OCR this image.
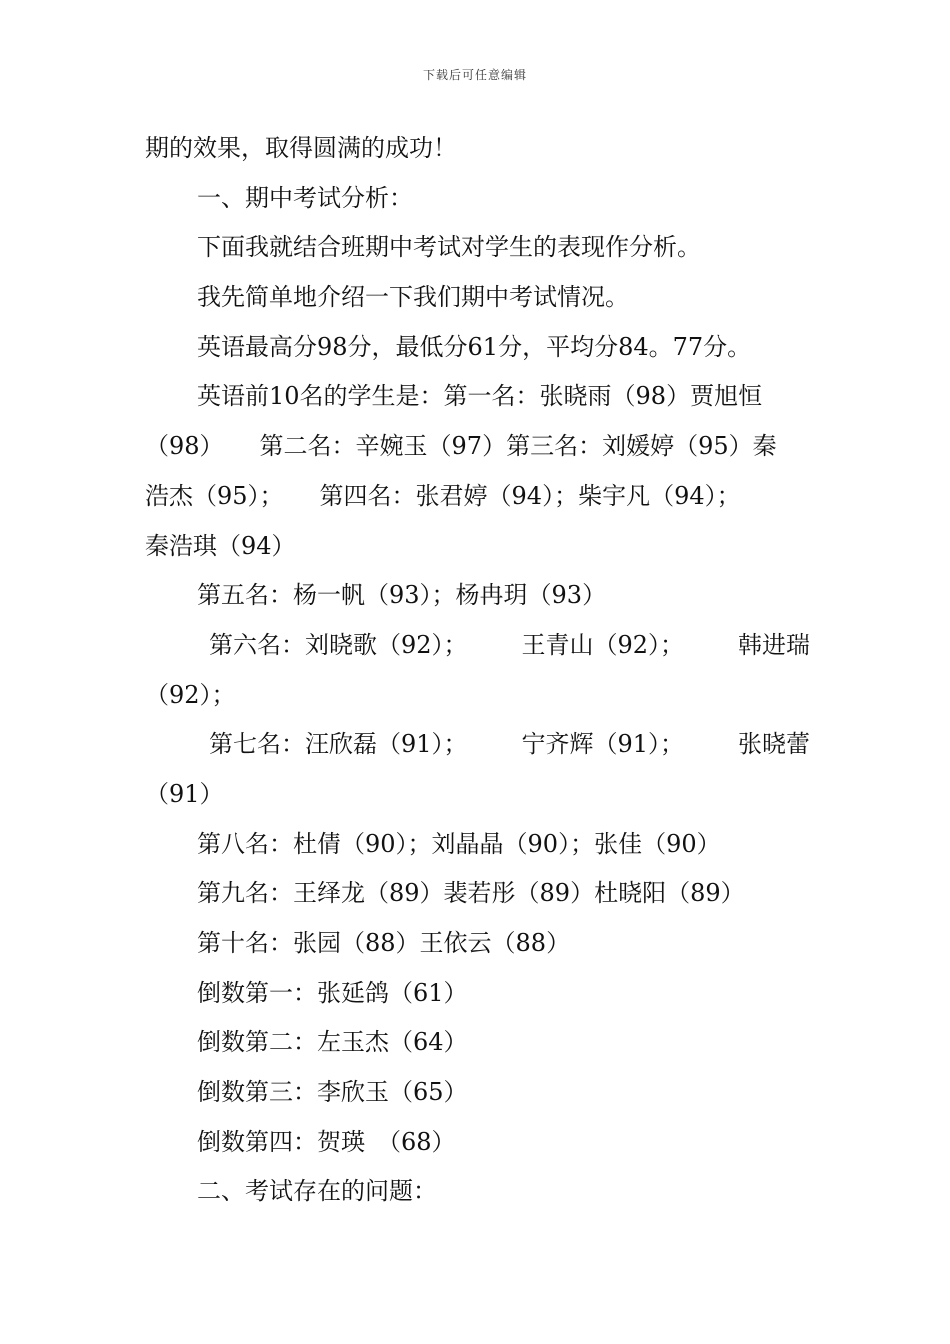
下载后可任意编辑
期的效果，取得圆满的成功！
一、期中考试分析：
下面我就结合班期中考试对学生的表现作分析。
我先简单地介绍一下我们期中考试情况。
英语最高分98分，最低分61分，平均分84。77分。
英语前10名的学生是：第一名：张晓雨（98）贾旭恒
（98）　　第二名：辛婉玉（97）第三名：刘媛婷（95）秦
浩杰（95）；　　第四名：张君婷（94）；柴宇凡（94）；
秦浩琪（94）
第五名：杨一帆（93）；杨冉玥（93）
第六名：刘晓歌（92）； 王青山（92）； 韩进瑞
（92）；
第七名：汪欣磊（91）； 宁齐辉（91）； 张晓蕾
（91）
第八名：杜倩（90）；刘晶晶（90）；张佳（90）
第九名：王绎龙（89）裴若彤（89）杜晓阳（89）
第十名：张园（88）王依云（88）
倒数第一：张延鸽（61）
倒数第二：左玉杰（64）
倒数第三：李欣玉（65）
倒数第四：贺瑛　（68）
二、考试存在的问题：
